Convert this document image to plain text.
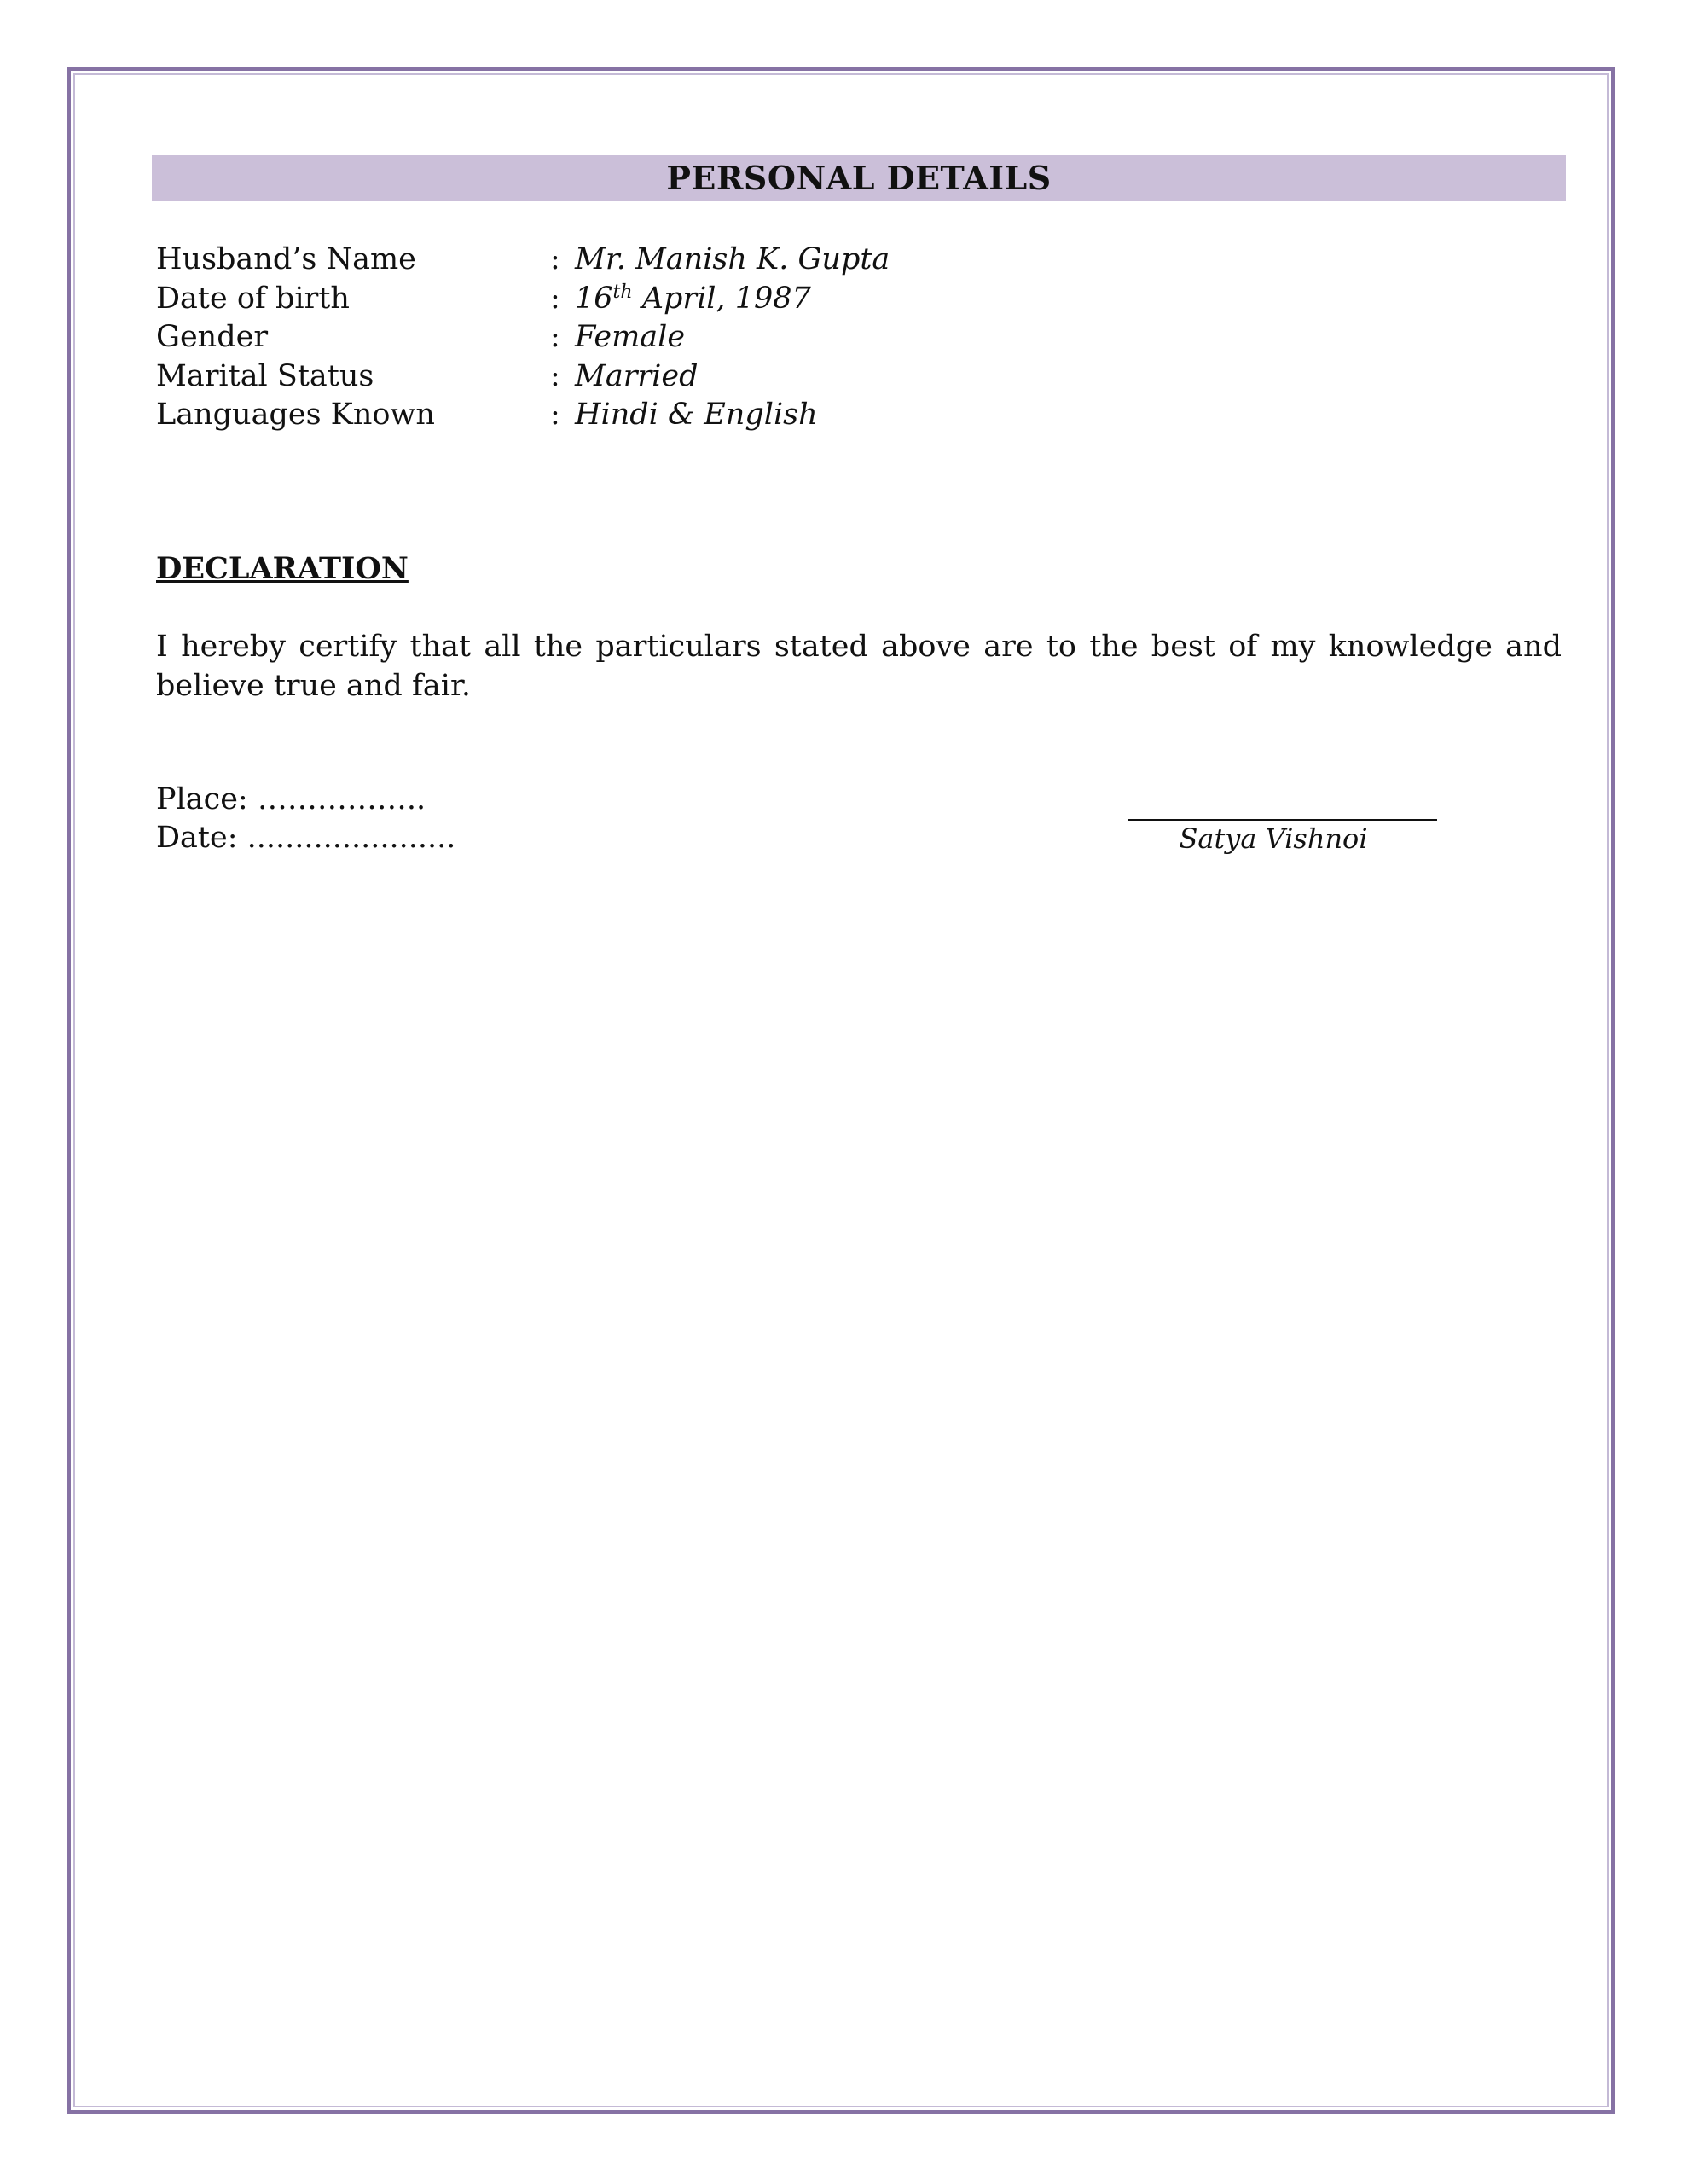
PERSONAL DETAILS
Husband’s Name	: Mr. Manish K. Gupta
Date of birth	: 16th April, 1987
Gender	: Female
Marital Status	: Married
Languages Known	: Hindi & English
DECLARATION
I hereby certify that all the particulars stated above are to the best of my knowledge and believe true and fair.
Place: ……………..
Date: ......................	Satya Vishnoi
